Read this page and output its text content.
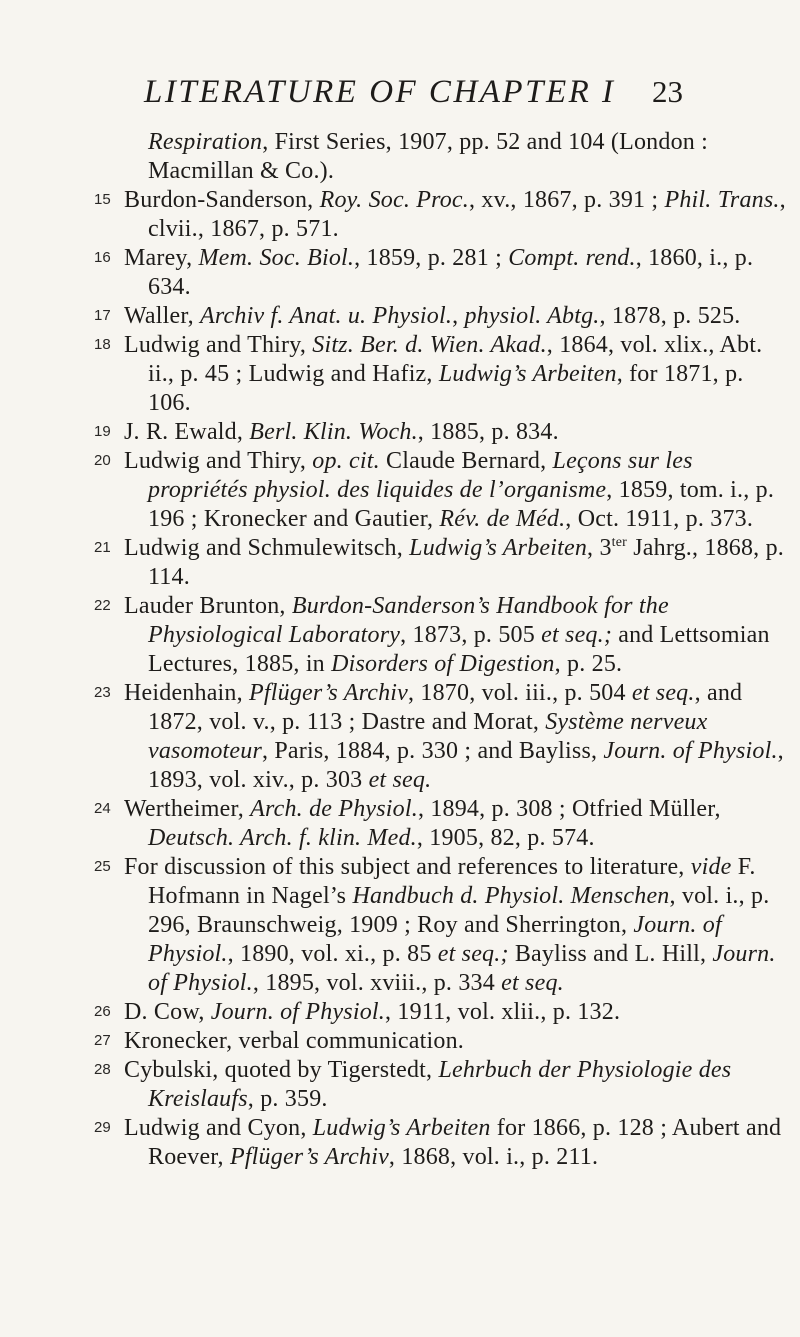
LITERATURE OF CHAPTER I 23
Respiration, First Series, 1907, pp. 52 and 104 (London : Macmillan & Co.).
15 Burdon-Sanderson, Roy. Soc. Proc., xv., 1867, p. 391 ; Phil. Trans., clvii., 1867, p. 571.
16 Marey, Mem. Soc. Biol., 1859, p. 281 ; Compt. rend., 1860, i., p. 634.
17 Waller, Archiv f. Anat. u. Physiol., physiol. Abtg., 1878, p. 525.
18 Ludwig and Thiry, Sitz. Ber. d. Wien. Akad., 1864, vol. xlix., Abt. ii., p. 45 ; Ludwig and Hafiz, Ludwig’s Arbeiten, for 1871, p. 106.
19 J. R. Ewald, Berl. Klin. Woch., 1885, p. 834.
20 Ludwig and Thiry, op. cit. Claude Bernard, Leçons sur les propriétés physiol. des liquides de l’organisme, 1859, tom. i., p. 196 ; Kronecker and Gautier, Rév. de Méd., Oct. 1911, p. 373.
21 Ludwig and Schmulewitsch, Ludwig’s Arbeiten, $3^{ter}$ Jahrg., 1868, p. 114.
22 Lauder Brunton, Burdon-Sanderson’s Handbook for the Physiological Laboratory, 1873, p. 505 et seq.; and Lettsomian Lectures, 1885, in Disorders of Digestion, p. 25.
23 Heidenhain, Pflüger’s Archiv, 1870, vol. iii., p. 504 et seq., and 1872, vol. v., p. 113 ; Dastre and Morat, Système nerveux vasomoteur, Paris, 1884, p. 330 ; and Bayliss, Journ. of Physiol., 1893, vol. xiv., p. 303 et seq.
24 Wertheimer, Arch. de Physiol., 1894, p. 308 ; Otfried Müller, Deutsch. Arch. f. klin. Med., 1905, 82, p. 574.
25 For discussion of this subject and references to literature, vide F. Hofmann in Nagel’s Handbuch d. Physiol. Menschen, vol. i., p. 296, Braunschweig, 1909 ; Roy and Sherrington, Journ. of Physiol., 1890, vol. xi., p. 85 et seq.; Bayliss and L. Hill, Journ. of Physiol., 1895, vol. xviii., p. 334 et seq.
26 D. Cow, Journ. of Physiol., 1911, vol. xlii., p. 132.
27 Kronecker, verbal communication.
28 Cybulski, quoted by Tigerstedt, Lehrbuch der Physiologie des Kreislaufs, p. 359.
29 Ludwig and Cyon, Ludwig’s Arbeiten for 1866, p. 128 ; Aubert and Roever, Pflüger’s Archiv, 1868, vol. i., p. 211.
